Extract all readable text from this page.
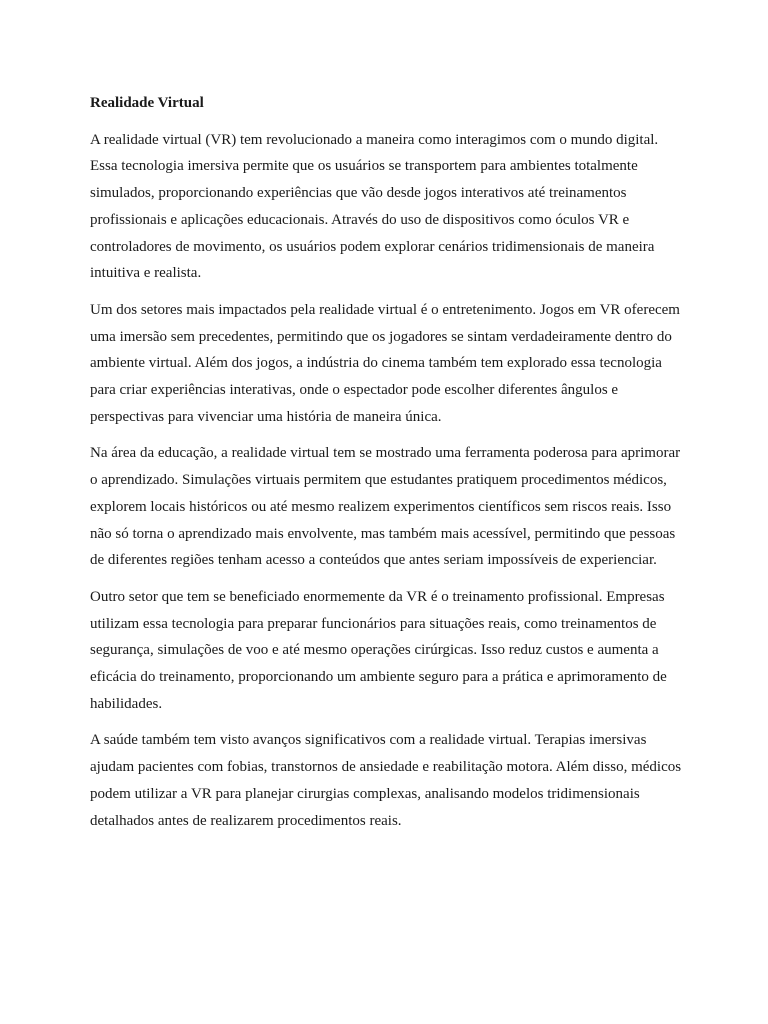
Realidade Virtual

A realidade virtual (VR) tem revolucionado a maneira como interagimos com o mundo digital. Essa tecnologia imersiva permite que os usuários se transportem para ambientes totalmente simulados, proporcionando experiências que vão desde jogos interativos até treinamentos profissionais e aplicações educacionais. Através do uso de dispositivos como óculos VR e controladores de movimento, os usuários podem explorar cenários tridimensionais de maneira intuitiva e realista.

Um dos setores mais impactados pela realidade virtual é o entretenimento. Jogos em VR oferecem uma imersão sem precedentes, permitindo que os jogadores se sintam verdadeiramente dentro do ambiente virtual. Além dos jogos, a indústria do cinema também tem explorado essa tecnologia para criar experiências interativas, onde o espectador pode escolher diferentes ângulos e perspectivas para vivenciar uma história de maneira única.

Na área da educação, a realidade virtual tem se mostrado uma ferramenta poderosa para aprimorar o aprendizado. Simulações virtuais permitem que estudantes pratiquem procedimentos médicos, explorem locais históricos ou até mesmo realizem experimentos científicos sem riscos reais. Isso não só torna o aprendizado mais envolvente, mas também mais acessível, permitindo que pessoas de diferentes regiões tenham acesso a conteúdos que antes seriam impossíveis de experienciar.

Outro setor que tem se beneficiado enormemente da VR é o treinamento profissional. Empresas utilizam essa tecnologia para preparar funcionários para situações reais, como treinamentos de segurança, simulações de voo e até mesmo operações cirúrgicas. Isso reduz custos e aumenta a eficácia do treinamento, proporcionando um ambiente seguro para a prática e aprimoramento de habilidades.

A saúde também tem visto avanços significativos com a realidade virtual. Terapias imersivas ajudam pacientes com fobias, transtornos de ansiedade e reabilitação motora. Além disso, médicos podem utilizar a VR para planejar cirurgias complexas, analisando modelos tridimensionais detalhados antes de realizarem procedimentos reais.
